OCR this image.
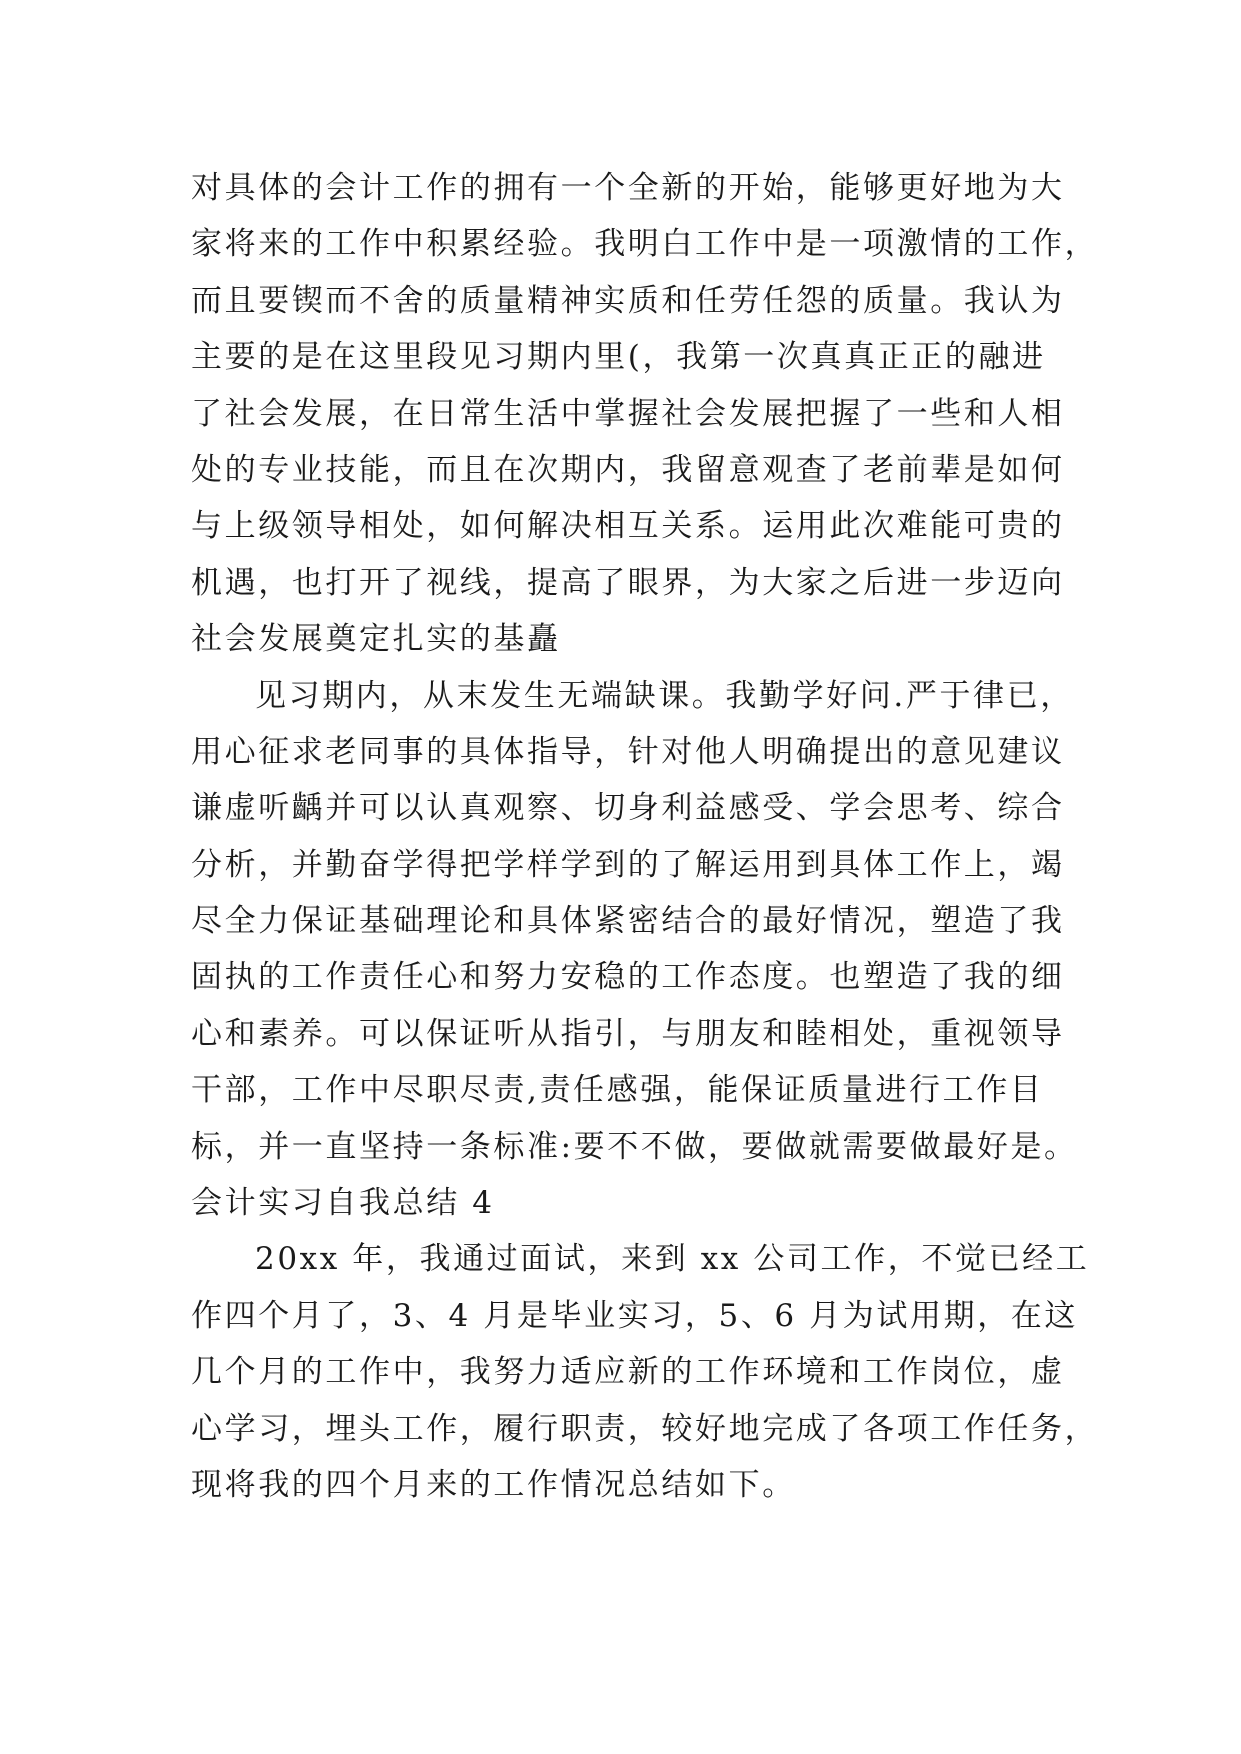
对具体的会计工作的拥有一个全新的开始，能够更好地为大
家将来的工作中积累经验。我明白工作中是一项激情的工作，
而且要锲而不舍的质量精神实质和任劳任怨的质量。我认为
主要的是在这里段见习期内里(，我第一次真真正正的融进
了社会发展，在日常生活中掌握社会发展把握了一些和人相
处的专业技能，而且在次期内，我留意观查了老前辈是如何
与上级领导相处，如何解决相互关系。运用此次难能可贵的
机遇，也打开了视线，提高了眼界，为大家之后进一步迈向
社会发展奠定扎实的基矗
见习期内，从末发生无端缺课。我勤学好问.严于律已，
用心征求老同事的具体指导，针对他人明确提出的意见建议
谦虚听齲并可以认真观察、切身利益感受、学会思考、综合
分析，并勤奋学得把学样学到的了解运用到具体工作上，竭
尽全力保证基础理论和具体紧密结合的最好情况，塑造了我
固执的工作责任心和努力安稳的工作态度。也塑造了我的细
心和素养。可以保证听从指引，与朋友和睦相处，重视领导
干部，工作中尽职尽责,责任感强，能保证质量进行工作目
标，并一直坚持一条标准:要不不做，要做就需要做最好是。
会计实习自我总结 4
20xx 年，我通过面试，来到 xx 公司工作，不觉已经工
作四个月了，3、4 月是毕业实习，5、6 月为试用期，在这
几个月的工作中，我努力适应新的工作环境和工作岗位，虚
心学习，埋头工作，履行职责，较好地完成了各项工作任务，
现将我的四个月来的工作情况总结如下。
